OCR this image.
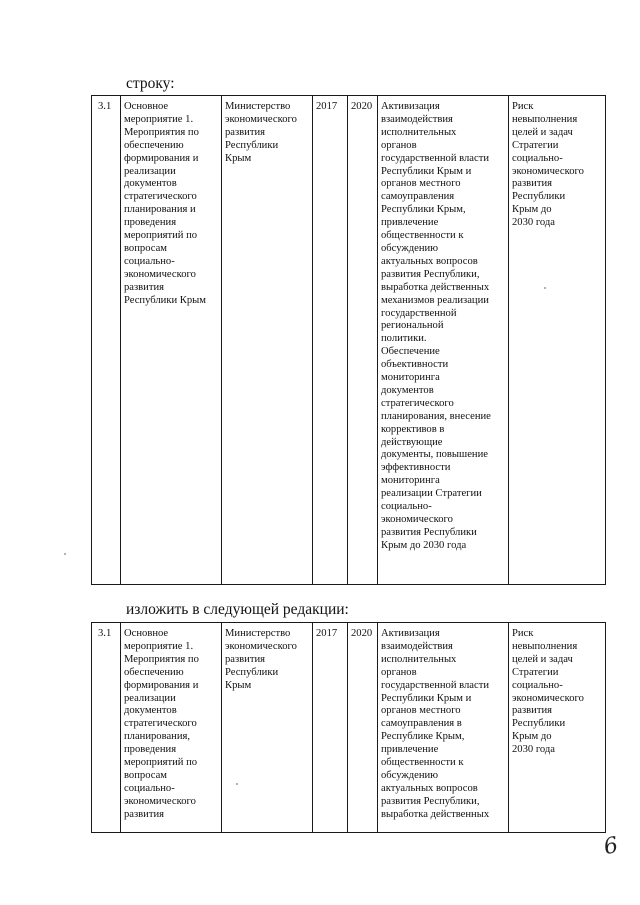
строку:
3.1	Основное
мероприятие 1.
Мероприятия по
обеспечению
формирования и
реализации
документов
стратегического
планирования и
проведения
мероприятий по
вопросам
социально-
экономического
развития
Республики Крым	Министерство
экономического
развития
Республики
Крым	2017	2020	Активизация
взаимодействия
исполнительных
органов
государственной власти
Республики Крым и
органов местного
самоуправления
Республики Крым,
привлечение
общественности к
обсуждению
актуальных вопросов
развития Республики,
выработка действенных
механизмов реализации
государственной
региональной
политики.
Обеспечение
объективности
мониторинга
документов
стратегического
планирования, внесение
коррективов в
действующие
документы, повышение
эффективности
мониторинга
реализации Стратегии
социально-
экономического
развития Республики
Крым до 2030 года	Риск
невыполнения
целей и задач
Стратегии
социально-
экономического
развития
Республики
Крым до
2030 года
изложить в следующей редакции:
3.1	Основное
мероприятие 1.
Мероприятия по
обеспечению
формирования и
реализации
документов
стратегического
планирования,
проведения
мероприятий по
вопросам
социально-
экономического
развития	Министерство
экономического
развития
Республики
Крым	2017	2020	Активизация
взаимодействия
исполнительных
органов
государственной власти
Республики Крым и
органов местного
самоуправления в
Республике Крым,
привлечение
общественности к
обсуждению
актуальных вопросов
развития Республики,
выработка действенных	Риск
невыполнения
целей и задач
Стратегии
социально-
экономического
развития
Республики
Крым до
2030 года
6
